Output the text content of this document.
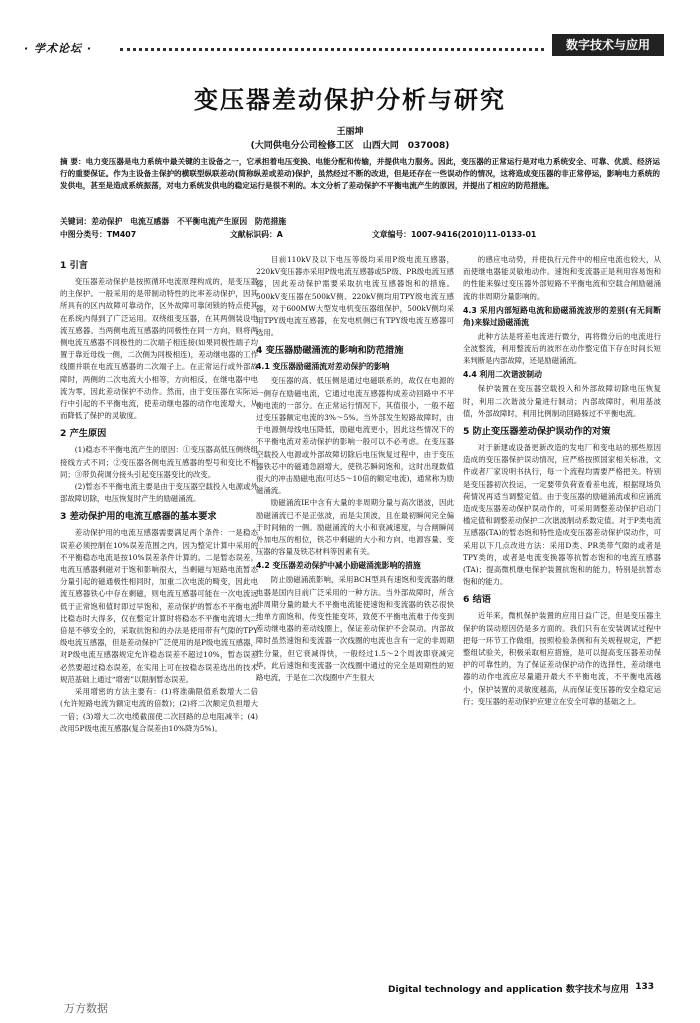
· 学术论坛 ·	数字技术与应用
变压器差动保护分析与研究
王丽坤
(大同供电分公司检修工区　山西大同　037008)
摘 要：电力变压器是电力系统中最关键的主设备之一，它承担着电压变换、电能分配和传输，并提供电力服务。因此，变压器的正常运行是对电力系统安全、可靠、优质、经济运行的重要保证。作为主设备主保护的横联型纵联差动(简称纵差或差动)保护，虽然经过不断的改进，但是还存在一些误动作的情况，这将造成变压器的非正常停运，影响电力系统的发供电，甚至是造成系统振荡，对电力系统发供电的稳定运行是很不利的。本文分析了差动保护不平衡电流产生的原因，并提出了相应的防范措施。
关键词：差动保护　电流互感器　不平衡电流产生原因　防范措施
中图分类号：TM407	文献标识码：A	文章编号：1007-9416(2010)11-0133-01
1 引言

变压器差动保护是按照循环电流原理构成的，是变压器的主保护。一般采用的是带制动特性的比率差动保护，因其所具有的区内故障可靠动作，区外故障可靠闭锁的特点使其在系统内得到了广泛运用。双绕组变压器，在其两侧装设电流互感器。当两侧电流互感器的同极性在同一方向，则将两侧电流互感器不同极性的二次端子相连接(如果同极性端子均置于靠近母线一侧，二次侧为同极相连)，差动继电器的工作线圈并联在电流互感器的二次端子上。在正常运行或外部故障时，两侧的二次电流大小相等，方向相反，在继电器中电流为零，因此差动保护不动作。然而，由于变压器在实际运行中引起的不平衡电流，使差动继电器的动作电流增大，从而降低了保护的灵敏度。

2 产生原因

(1)稳态不平衡电流产生的原因：①变压器高低压侧绕组接线方式不同；②变压器各侧电流互感器的型号和变比不相同；③带负荷调分接头引起变压器变比的改变。

(2)暂态不平衡电流主要是由于变压器空载投入电源或外部故障切除，电压恢复时产生的励磁涌流。

3 差动保护用的电流互感器的基本要求

差动保护用的电流互感器需要满足两个条件：一是稳态误差必须控制在10%误差范围之内，因为整定计算中采用的不平衡稳态电流是按10%误差条件计算的。二是暂态误差，电流互感器剩磁对于饱和影响很大，当剩磁与短路电流暂态分量引起的磁通极性相同时，加重二次电流的畸变，因此电流互感器铁心中存在剩磁，则电流互感器可能在一次电流远低于正常饱和值时即过早饱和，差动保护的暂态不平衡电流比稳态时大得多，仅在整定计算时将稳态不平衡电流增大二倍是不够安全的，采取抗饱和的办法是使用带有气隙的TPY级电流互感器，但是差动保护广泛使用的是P级电流互感器，对P级电流互感器规定允许稳态误差不超过10%，暂态误差必然要超过稳态误差，在实用上可在按稳态误差选出的技术规范基础上通过“增密”以限制暂态误差。

采用增密的方法主要有：(1)将准确限值系数增大二倍(允许短路电流为额定电流的倍数)；(2)将二次额定负担增大一倍；(3)增大二次电缆截面使二次回路的总电阻减半；(4)改用5P级电流互感器(复合误差由10%降为5%)。

目前110kV及以下电压等级均采用P级电流互感器，220kV变压器亦采用P级电流互感器或5P级、PR级电流互感器，因此差动保护需要采取抗电流互感器饱和的措施。500kV变压器在500kV侧、220kV侧均用TPY级电流互感器，对于600MW大型发电机变压器组保护，500kV侧均采用TPY级电流互感器，在发电机侧已有TPY级电流互感器可选用。

4 变压器励磁涌流的影响和防范措施
4.1 变压器励磁涌流对差动保护的影响

变压器的高、低压侧是通过电磁联系的，故仅在电源的一侧存在励磁电流，它通过电流互感器构成差动回路中不平衡电流的一部分。在正常运行情况下，其值很小，一般不超过变压器额定电流的3%～5%。当外部发生短路故障时，由于电源侧母线电压降低，励磁电流更小，因此这些情况下的不平衡电流对差动保护的影响一般可以不必考虑。在变压器空载投入电源或外部故障切除后电压恢复过程中，由于变压器铁芯中的磁通急剧增大，使铁芯瞬间饱和，这时出现数值很大的冲击励磁电流(可达5～10倍的额定电流)，通常称为励磁涌流。

励磁涌流IE中含有大量的非周期分量与高次谐波，因此励磁涌流已不是正弦波，而是尖顶波，且在最初瞬间完全偏于时间轴的一侧。励磁涌流的大小和衰减速度，与合闸瞬间外加电压的相位，铁芯中剩磁的大小和方向、电源容量、变压器的容量及铁芯材料等因素有关。

4.2 变压器差动保护中减小励磁涌流影响的措施

防止励磁涌流影响，采用BCH型具有速饱和变流器的继电器是国内目前广泛采用的一种方法。当外部故障时，所含非周期分量的最大不平衡电流能使速饱和变流器的铁芯很快地单方面饱和，传变性能变坏，致使不平衡电流难于传变到差动继电器的差动线圈上，保证差动保护不会误动。内部故障时虽然速饱和变流器一次线圈的电流也含有一定的非周期性分量，但它衰减得快，一般经过1.5～2个周波即衰减完毕，此后速饱和变流器一次线圈中通过的完全是周期性的短路电流，于是在二次线圈中产生很大

的感应电动势，并使执行元件中的相应电流也较大，从而使继电器能灵敏地动作。速饱和变流器正是利用容易饱和的性能来躲过变压器外部短路不平衡电流和空载合闸励磁涌流的非周期分量影响的。

4.3 采用内部短路电流和励磁涌流波形的差别(有无间断角)来躲过励磁涌流

此种方法是将差电流进行微分，再将微分后的电流进行全波整流，利用整流后的波形在动作整定值下存在时间长短来判断是内部故障，还是励磁涌流。

4.4 利用二次谐波制动

保护装置在变压器空载投入和外部故障切除电压恢复时，利用二次谐波分量进行制动；内部故障时，利用基波值，外部故障时，利用比例制动回路躲过不平衡电流。

5 防止变压器差动保护误动作的对策

对于新建或设备更新改造的发电厂和变电站的那些原因造成的变压器保护误动情况，应严格按照国家相关标准，文件或者厂家说明书执行，每一个流程均需要严格把关。特别是变压器初次投运，一定要带负荷查看差电流，根据现场负荷情况再适当调整定值。由于变压器的励磁涌流或和应涌流造成变压器差动保护误动作的，可采用调整差动保护启动门槛定值和调整差动保护二次谐波制动系数定值。对于P类电流互感器(TA)的暂态饱和特性造成变压器差动保护误动作，可采用以下几点改进方法：采用D类、PR类带气隙的或者是TPY类的，或者是电流变换器等抗暂态饱和的电流互感器(TA)；提高微机继电保护装置抗饱和的能力，特别是抗暂态饱和的能力。

6 结语

近年来，微机保护装置的应用日益广泛，但是变压器主保护的误动原因仍是多方面的。我们只有在安装调试过程中把每一环节工作做细，按照检验条例和有关规程规定，严把整组试验关，积极采取相应措施，是可以提高变压器差动保护的可靠性的，为了保证差动保护动作的选择性，差动继电器的动作电流应尽量避开最大不平衡电流，不平衡电流越小，保护装置的灵敏度越高，从而保证变压器的安全稳定运行；变压器的差动保护应建立在安全可靠的基础之上。

Digital technology and application 数字技术与应用 133
万方数据
